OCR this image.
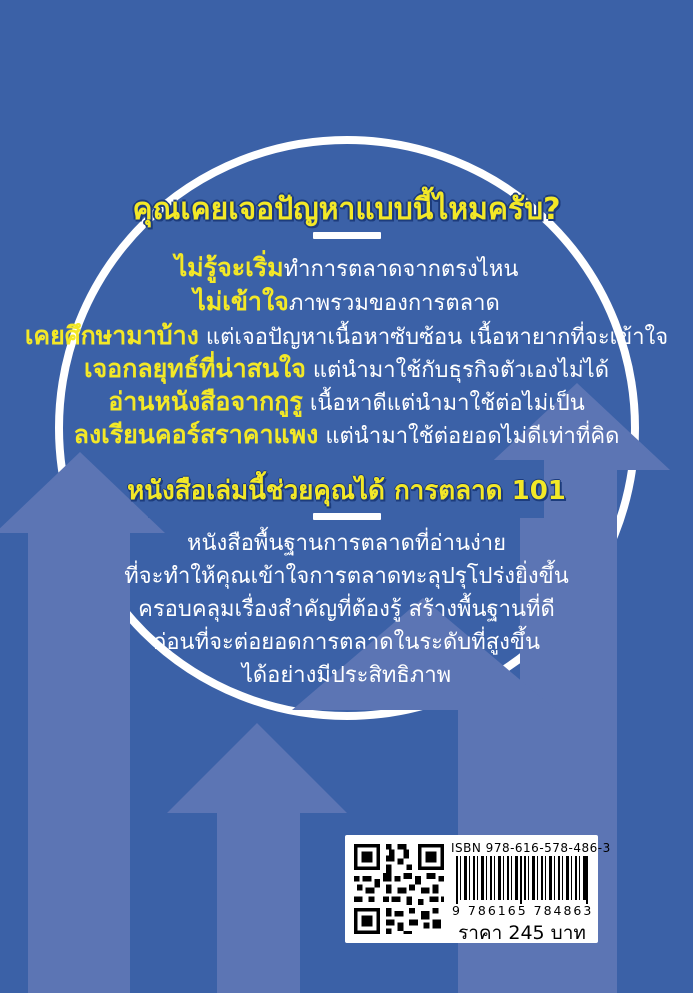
คุณเคยเจอปัญหาแบบนี้ไหมครับ?
ไม่รู้จะเริ่มทำการตลาดจากตรงไหน
ไม่เข้าใจภาพรวมของการตลาด
เคยศึกษามาบ้าง แต่เจอปัญหาเนื้อหาซับซ้อน เนื้อหายากที่จะเข้าใจ
เจอกลยุทธ์ที่น่าสนใจ แต่นำมาใช้กับธุรกิจตัวเองไม่ได้
อ่านหนังสือจากกูรู เนื้อหาดีแต่นำมาใช้ต่อไม่เป็น
ลงเรียนคอร์สราคาแพง แต่นำมาใช้ต่อยอดไม่ดีเท่าที่คิด
หนังสือเล่มนี้ช่วยคุณได้ การตลาด 101
หนังสือพื้นฐานการตลาดที่อ่านง่าย
ที่จะทำให้คุณเข้าใจการตลาดทะลุปรุโปร่งยิ่งขึ้น
ครอบคลุมเรื่องสำคัญที่ต้องรู้ สร้างพื้นฐานที่ดี
ก่อนที่จะต่อยอดการตลาดในระดับที่สูงขึ้น
ได้อย่างมีประสิทธิภาพ
ISBN 978-616-578-486-3
9 786165 784863
ราคา 245 บาท
